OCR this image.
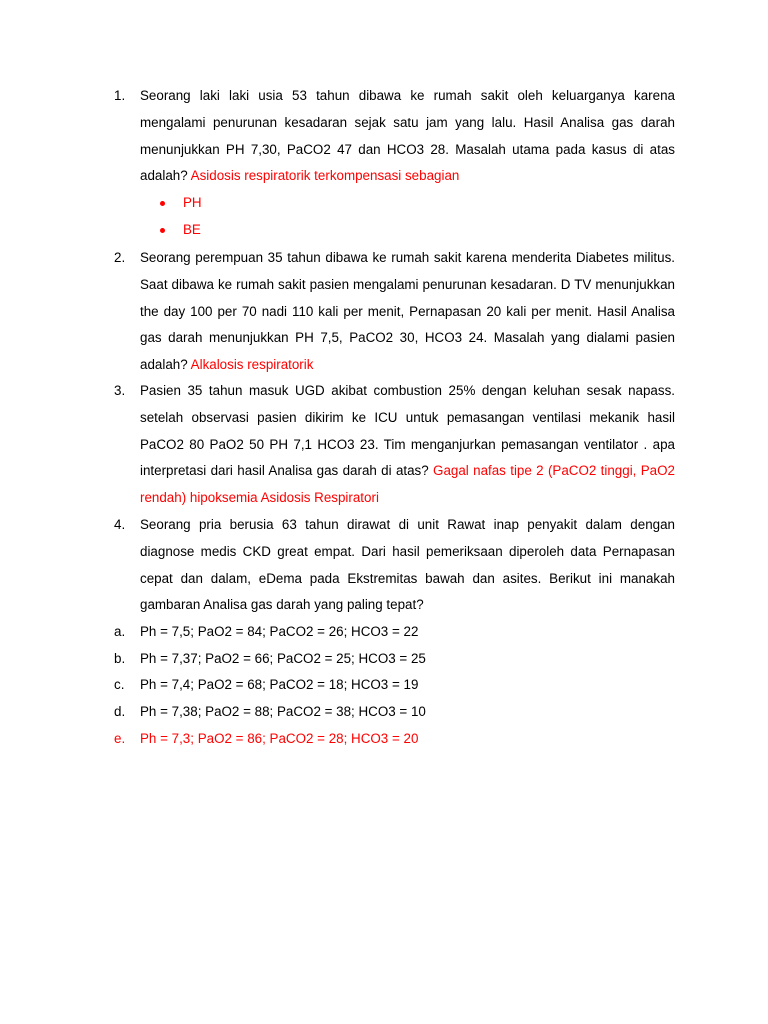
1. Seorang laki laki usia 53 tahun dibawa ke rumah sakit oleh keluarganya karena mengalami penurunan kesadaran sejak satu jam yang lalu. Hasil Analisa gas darah menunjukkan PH 7,30, PaCO2 47 dan HCO3 28. Masalah utama pada kasus di atas adalah? Asidosis respiratorik terkompensasi sebagian
PH
BE
2. Seorang perempuan 35 tahun dibawa ke rumah sakit karena menderita Diabetes militus. Saat dibawa ke rumah sakit pasien mengalami penurunan kesadaran. D TV menunjukkan the day 100 per 70 nadi 110 kali per menit, Pernapasan 20 kali per menit. Hasil Analisa gas darah menunjukkan PH 7,5, PaCO2 30, HCO3 24. Masalah yang dialami pasien adalah? Alkalosis respiratorik
3. Pasien 35 tahun masuk UGD akibat combustion 25% dengan keluhan sesak napass. setelah observasi pasien dikirim ke ICU untuk pemasangan ventilasi mekanik hasil PaCO2 80 PaO2 50 PH 7,1 HCO3 23. Tim menganjurkan pemasangan ventilator . apa interpretasi dari hasil Analisa gas darah di atas? Gagal nafas tipe 2 (PaCO2 tinggi, PaO2 rendah) hipoksemia Asidosis Respiratori
4. Seorang pria berusia 63 tahun dirawat di unit Rawat inap penyakit dalam dengan diagnose medis CKD great empat. Dari hasil pemeriksaan diperoleh data Pernapasan cepat dan dalam, eDema pada Ekstremitas bawah dan asites. Berikut ini manakah gambaran Analisa gas darah yang paling tepat?
a. Ph = 7,5; PaO2 = 84; PaCO2 = 26; HCO3 = 22
b. Ph = 7,37; PaO2 = 66; PaCO2 = 25; HCO3 = 25
c. Ph = 7,4; PaO2 = 68; PaCO2 = 18; HCO3 = 19
d. Ph = 7,38; PaO2 = 88; PaCO2 = 38; HCO3 = 10
e. Ph = 7,3; PaO2 = 86; PaCO2 = 28; HCO3 = 20
